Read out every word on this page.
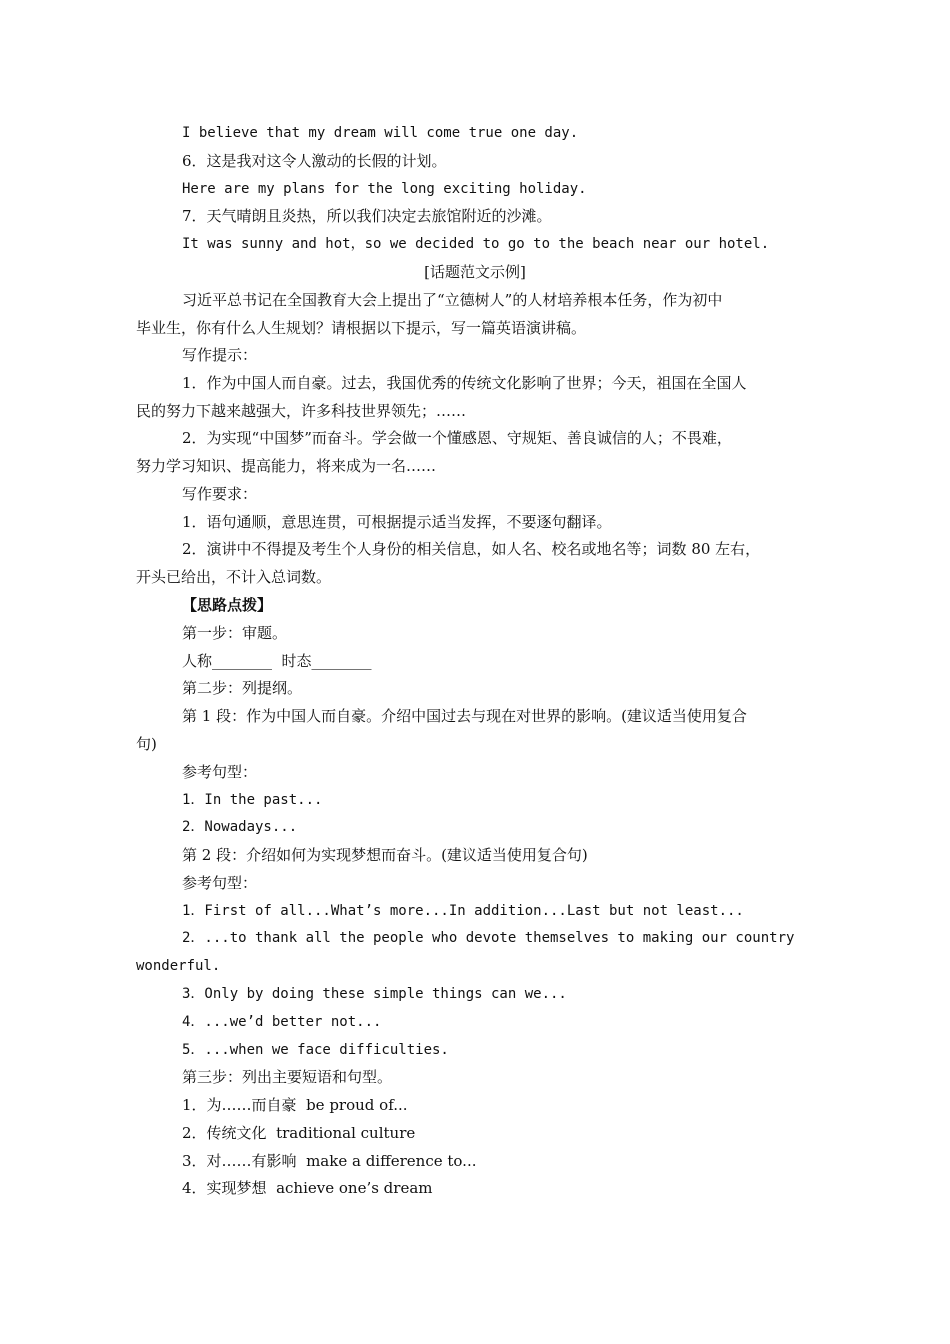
I believe that my dream will come true one day.
6．这是我对这令人激动的长假的计划。
Here are my plans for the long exciting holiday.
7．天气晴朗且炎热，所以我们决定去旅馆附近的沙滩。
It was sunny and hot，so we decided to go to the beach near our hotel.
[话题范文示例]
习近平总书记在全国教育大会上提出了“立德树人”的人材培养根本任务，作为初中
毕业生，你有什么人生规划？请根据以下提示，写一篇英语演讲稿。
写作提示：
1．作为中国人而自豪。过去，我国优秀的传统文化影响了世界；今天，祖国在全国人
民的努力下越来越强大，许多科技世界领先；……
2．为实现“中国梦”而奋斗。学会做一个懂感恩、守规矩、善良诚信的人；不畏难，
努力学习知识、提高能力，将来成为一名……
写作要求：
1．语句通顺，意思连贯，可根据提示适当发挥，不要逐句翻译。
2．演讲中不得提及考生个人身份的相关信息，如人名、校名或地名等；词数 80 左右，
开头已给出，不计入总词数。
【思路点拨】
第一步：审题。
人称________  时态________
第二步：列提纲。
第 1 段：作为中国人而自豪。介绍中国过去与现在对世界的影响。(建议适当使用复合
句)
参考句型：
1．In the past...
2．Nowadays...
第 2 段：介绍如何为实现梦想而奋斗。(建议适当使用复合句)
参考句型：
1．First of all...What’s more...In addition...Last but not least...
2．...to thank all the people who devote themselves to making our country
wonderful.
3．Only by doing these simple things can we...
4．...we’d better not...
5．...when we face difficulties.
第三步：列出主要短语和句型。
1．为……而自豪  be proud of...
2．传统文化  traditional culture
3．对……有影响  make a difference to...
4．实现梦想  achieve one’s dream
